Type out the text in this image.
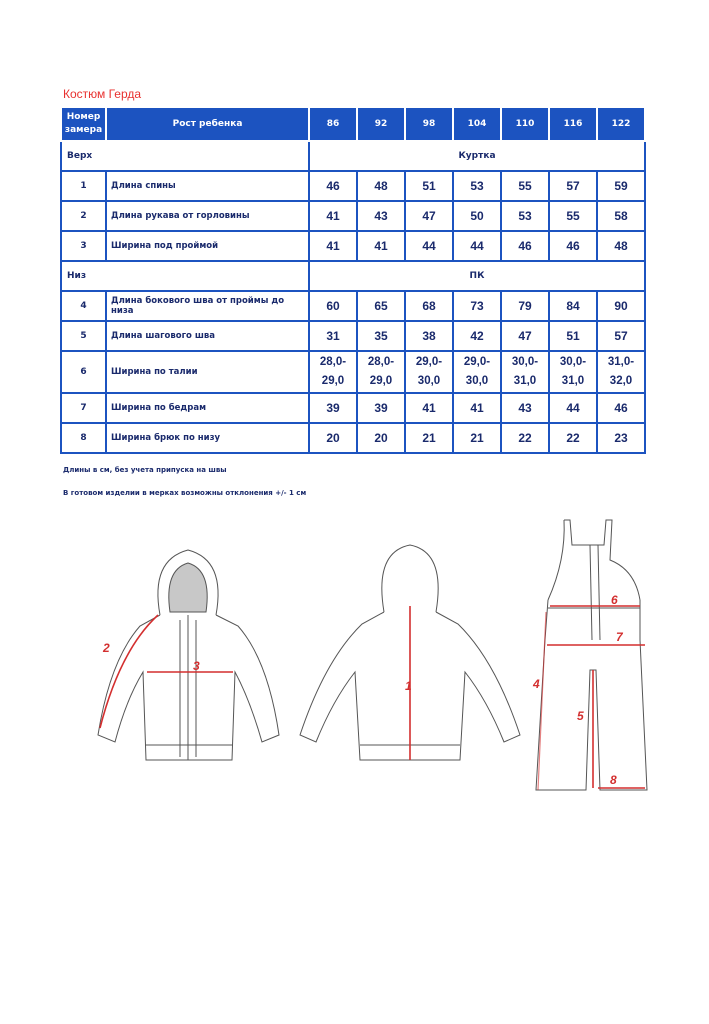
Костюм Герда
Номер замера	Рост ребенка	86	92	98	104	110	116	122
Верх		Куртка						
1	Длина спины	46	48	51	53	55	57	59
2	Длина рукава от горловины	41	43	47	50	53	55	58
3	Ширина под проймой	41	41	44	44	46	46	48
Низ		ПК						
4	Длина бокового шва от проймы до низа	60	65	68	73	79	84	90
5	Длина шагового шва	31	35	38	42	47	51	57
6	Ширина по талии	28,0-29,0	28,0-29,0	29,0-30,0	29,0-30,0	30,0-31,0	30,0-31,0	31,0-32,0
7	Ширина по бедрам	39	39	41	41	43	44	46
8	Ширина брюк по низу	20	20	21	21	22	22	23
Длины в см, без учета припуска на швы
В готовом изделии в мерках возможны отклонения +/- 1 см
1
2
3
4
5
6
7
8
